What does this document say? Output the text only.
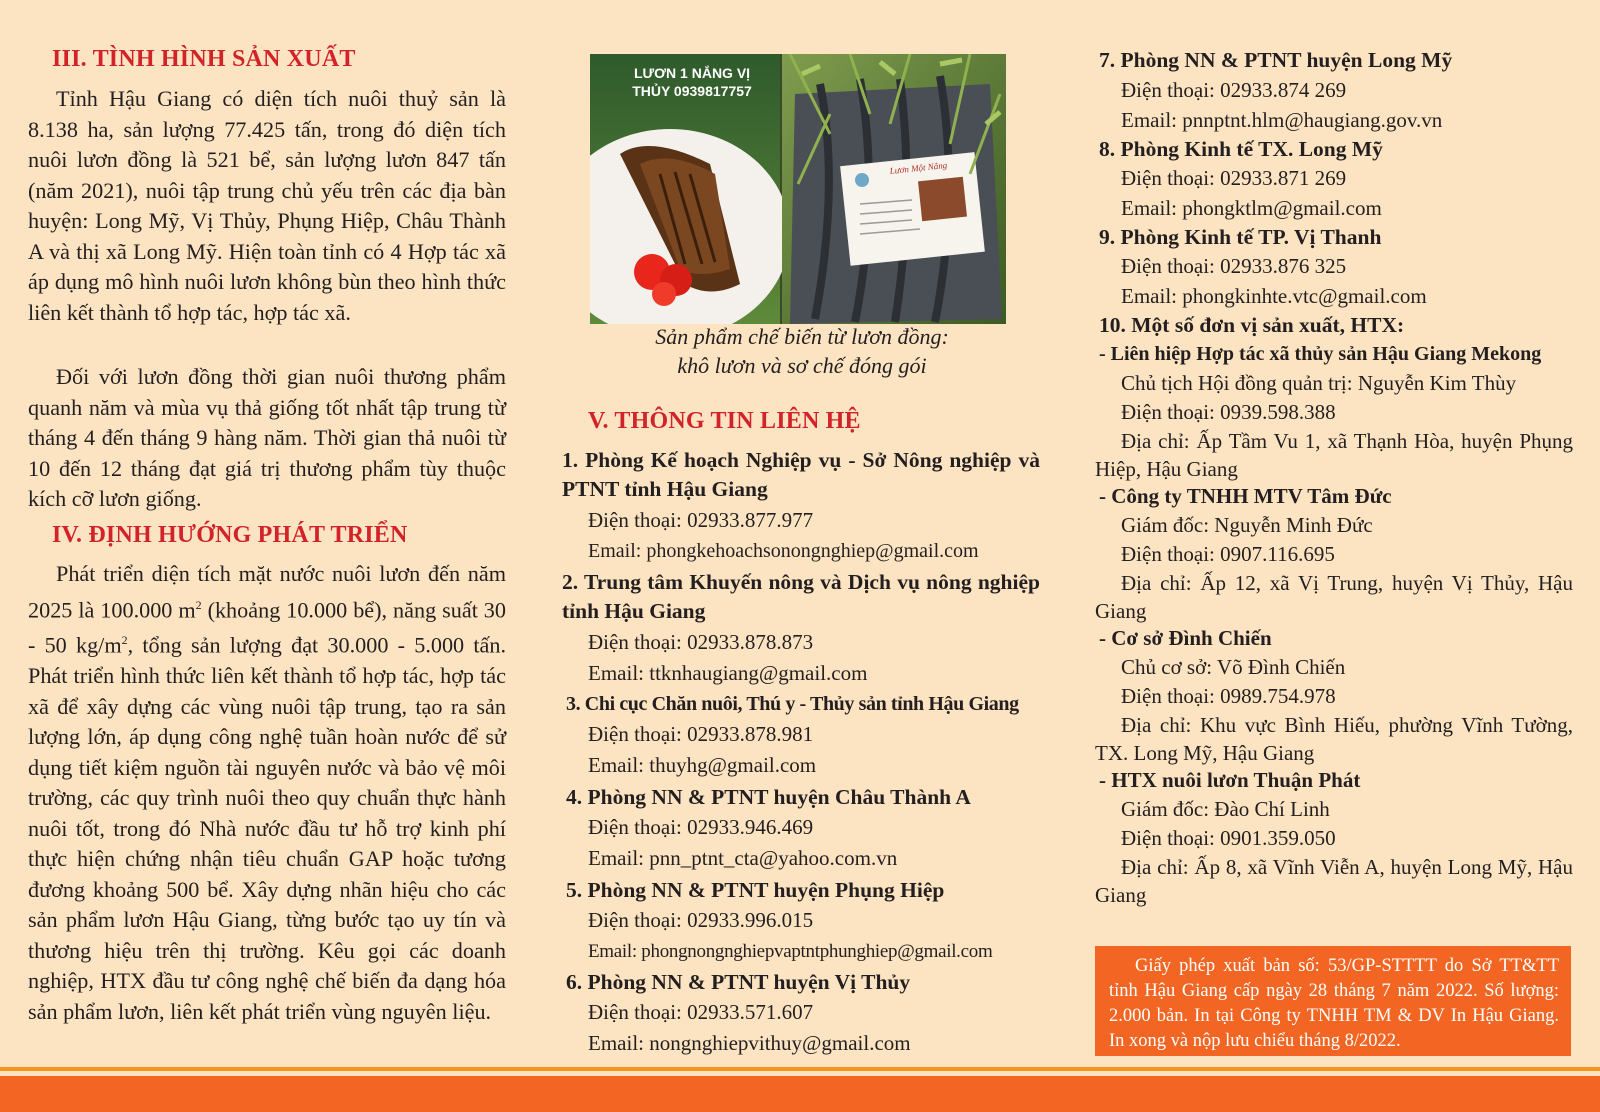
III. TÌNH HÌNH SẢN XUẤT

Tỉnh Hậu Giang có diện tích nuôi thuỷ sản là 8.138 ha, sản lượng 77.425 tấn, trong đó diện tích nuôi lươn đồng là 521 bể, sản lượng lươn 847 tấn (năm 2021), nuôi tập trung chủ yếu trên các địa bàn huyện: Long Mỹ, Vị Thủy, Phụng Hiệp, Châu Thành A và thị xã Long Mỹ. Hiện toàn tỉnh có 4 Hợp tác xã áp dụng mô hình nuôi lươn không bùn theo hình thức liên kết thành tổ hợp tác, hợp tác xã.

Đối với lươn đồng thời gian nuôi thương phẩm quanh năm và mùa vụ thả giống tốt nhất tập trung từ tháng 4 đến tháng 9 hàng năm. Thời gian thả nuôi từ 10 đến 12 tháng đạt giá trị thương phẩm tùy thuộc kích cỡ lươn giống.

IV. ĐỊNH HƯỚNG PHÁT TRIỂN

Phát triển diện tích mặt nước nuôi lươn đến năm 2025 là 100.000 $m^2$ (khoảng 10.000 bể), năng suất 30 - 50 $kg/m^2$, tổng sản lượng đạt 30.000 - 5.000 tấn. Phát triển hình thức liên kết thành tổ hợp tác, hợp tác xã để xây dựng các vùng nuôi tập trung, tạo ra sản lượng lớn, áp dụng công nghệ tuần hoàn nước để sử dụng tiết kiệm nguồn tài nguyên nước và bảo vệ môi trường, các quy trình nuôi theo quy chuẩn thực hành nuôi tốt, trong đó Nhà nước đầu tư hỗ trợ kinh phí thực hiện chứng nhận tiêu chuẩn GAP hoặc tương đương khoảng 500 bể. Xây dựng nhãn hiệu cho các sản phẩm lươn Hậu Giang, từng bước tạo uy tín và thương hiệu trên thị trường. Kêu gọi các doanh nghiệp, HTX đầu tư công nghệ chế biến đa dạng hóa sản phẩm lươn, liên kết phát triển vùng nguyên liệu.

LƯƠN 1 NẮNG VỊ
THỦY 0939817757
Lươn Một Nắng
Sản phẩm chế biến từ lươn đồng:
khô lươn và sơ chế đóng gói
V. THÔNG TIN LIÊN HỆ

1. Phòng Kế hoạch Nghiệp vụ - Sở Nông nghiệp và PTNT tỉnh Hậu Giang

Điện thoại: 02933.877.977

Email: phongkehoachsonongnghiep@gmail.com

2. Trung tâm Khuyến nông và Dịch vụ nông nghiệp tỉnh Hậu Giang

Điện thoại: 02933.878.873

Email: ttknhaugiang@gmail.com

3. Chi cục Chăn nuôi, Thú y - Thủy sản tỉnh Hậu Giang

Điện thoại: 02933.878.981

Email: thuyhg@gmail.com

4. Phòng NN & PTNT huyện Châu Thành A

Điện thoại: 02933.946.469

Email: pnn_ptnt_cta@yahoo.com.vn

5. Phòng NN & PTNT huyện Phụng Hiệp

Điện thoại: 02933.996.015

Email: phongnongnghiepvaptntphunghiep@gmail.com

6. Phòng NN & PTNT huyện Vị Thủy

Điện thoại: 02933.571.607

Email: nongnghiepvithuy@gmail.com

7. Phòng NN & PTNT huyện Long Mỹ

Điện thoại: 02933.874 269

Email: pnnptnt.hlm@haugiang.gov.vn

8. Phòng Kinh tế TX. Long Mỹ

Điện thoại: 02933.871 269

Email: phongktlm@gmail.com

9. Phòng Kinh tế TP. Vị Thanh

Điện thoại: 02933.876 325

Email: phongkinhte.vtc@gmail.com

10. Một số đơn vị sản xuất, HTX:

- Liên hiệp Hợp tác xã thủy sản Hậu Giang Mekong

Chủ tịch Hội đồng quản trị: Nguyễn Kim Thùy

Điện thoại: 0939.598.388

Địa chỉ: Ấp Tầm Vu 1, xã Thạnh Hòa, huyện Phụng Hiệp, Hậu Giang

- Công ty TNHH MTV Tâm Đức

Giám đốc: Nguyễn Minh Đức

Điện thoại: 0907.116.695

Địa chỉ: Ấp 12, xã Vị Trung, huyện Vị Thủy, Hậu Giang

- Cơ sở Đình Chiến

Chủ cơ sở: Võ Đình Chiến

Điện thoại: 0989.754.978

Địa chỉ: Khu vực Bình Hiếu, phường Vĩnh Tường, TX. Long Mỹ, Hậu Giang

- HTX nuôi lươn Thuận Phát

Giám đốc: Đào Chí Linh

Điện thoại: 0901.359.050

Địa chỉ: Ấp 8, xã Vĩnh Viễn A, huyện Long Mỹ, Hậu Giang

Giấy phép xuất bản số: 53/GP-STTTT do Sở TT&TT tỉnh Hậu Giang cấp ngày 28 tháng 7 năm 2022. Số lượng: 2.000 bản. In tại Công ty TNHH TM & DV In Hậu Giang. In xong và nộp lưu chiểu tháng 8/2022.
